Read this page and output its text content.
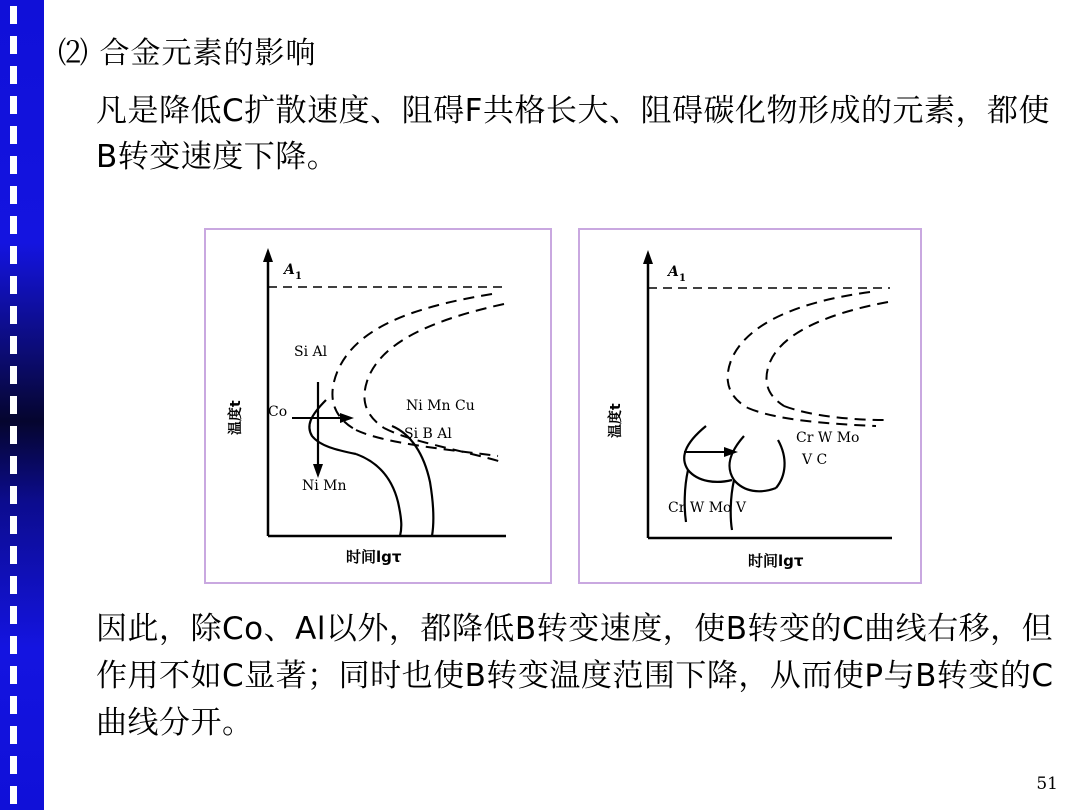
⑵ 合金元素的影响
凡是降低C扩散速度、阻碍F共格长大、阻碍碳化物形成的元素，都使B转变速度下降。
A 1
Si Al
Co
Ni Mn
Ni Mn Cu
Si B Al
温度t
时间lgτ
A 1
Cr W Mo
V C
Cr W Mo V
温度t
时间lgτ
因此，除Co、Al以外，都降低B转变速度，使B转变的C曲线右移，但作用不如C显著；同时也使B转变温度范围下降，从而使P与B转变的C曲线分开。
51
